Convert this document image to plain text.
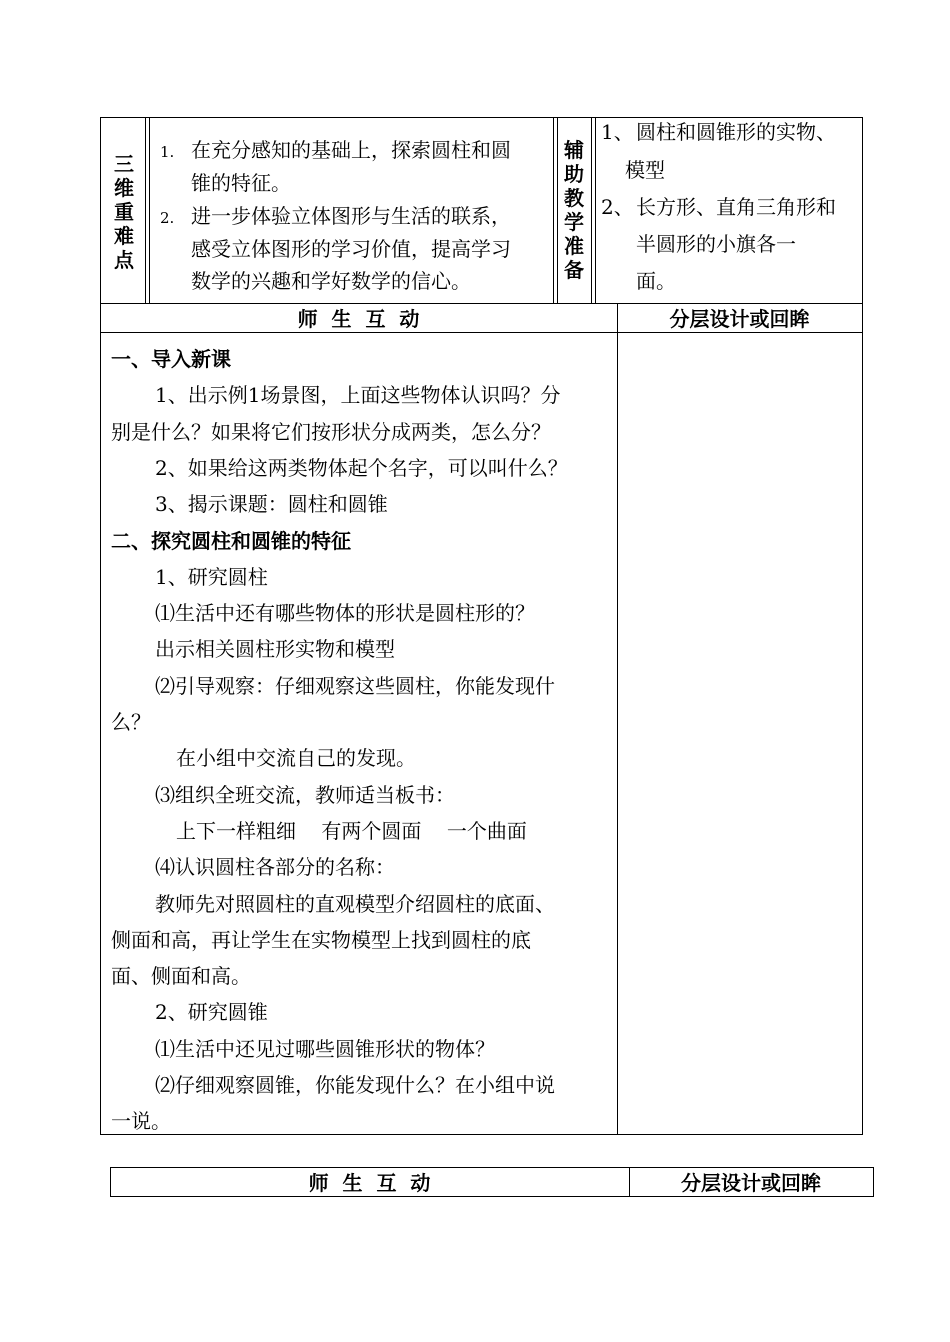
三
维
重
难
点
1. 在充分感知的基础上，探索圆柱和圆
锥的特征。
2. 进一步体验立体图形与生活的联系，
感受立体图形的学习价值，提高学习
数学的兴趣和学好数学的信心。
辅
助
教
学
准
备
1、 圆柱和圆锥形的实物、
模型
2、 长方形、直角三角形和
半圆形的小旗各一
面。
师  生  互  动	分层设计或回眸
一、导入新课
1、出示例1场景图，上面这些物体认识吗？分
别是什么？如果将它们按形状分成两类，怎么分？
2、如果给这两类物体起个名字，可以叫什么？
3、揭示课题：圆柱和圆锥
二、探究圆柱和圆锥的特征
1、研究圆柱
⑴生活中还有哪些物体的形状是圆柱形的？
出示相关圆柱形实物和模型
⑵引导观察：仔细观察这些圆柱，你能发现什
么？
在小组中交流自己的发现。
⑶组织全班交流，教师适当板书：
上下一样粗细    有两个圆面    一个曲面
⑷认识圆柱各部分的名称：
教师先对照圆柱的直观模型介绍圆柱的底面、
侧面和高，再让学生在实物模型上找到圆柱的底
面、侧面和高。
2、研究圆锥
⑴生活中还见过哪些圆锥形状的物体？
⑵仔细观察圆锥，你能发现什么？在小组中说
一说。
师  生  互  动	分层设计或回眸
